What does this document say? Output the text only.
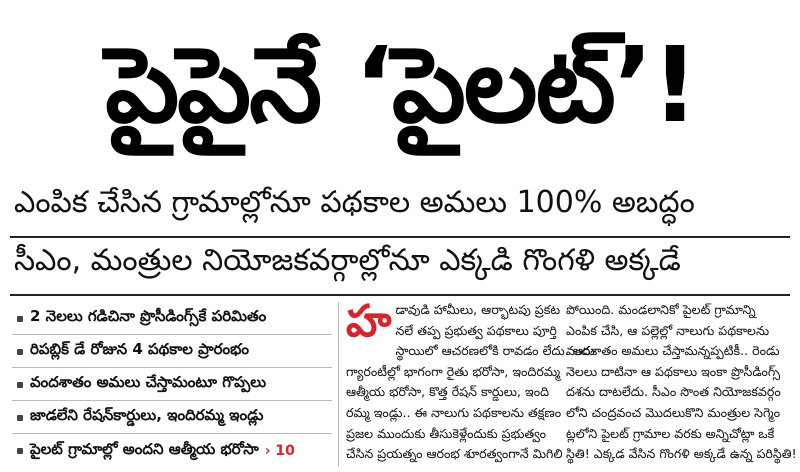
పైపైనే ‘పైలట్‌’!
ఎంపిక చేసిన గ్రామాల్లోనూ పథకాల అమలు 100% అబద్ధం
సీఎం, మంత్రుల నియోజకవర్గాల్లోనూ ఎక్కడి గొంగళి అక్కడే
2 నెలలు గడిచినా ప్రొసీడింగ్స్‌కే పరిమితం
రిపబ్లిక్‌ డే రోజున 4 పథకాల ప్రారంభం
వందశాతం అమలు చేస్తామంటూ గొప్పలు
జాడలేని రేషన్‌కార్డులు, ఇందిరమ్మ ఇండ్లు
పైలట్‌ గ్రామాల్లో అందని ఆత్మీయ భరోసా › 10
హ డావుడి హామీలు, ఆర్భాటపు ప్రకట
నలే తప్ప ప్రభుత్వ పథకాలు పూర్తి
స్థాయిలో ఆచరణలోకి రావడం లేదు. ఆరు
గ్యారంటీల్లో భాగంగా రైతు భరోసా, ఇందిరమ్మ
ఆత్మీయ భరోసా, కొత్త రేషన్‌ కార్డులు, ఇంది
రమ్మ ఇండ్లు.. ఈ నాలుగు పథకాలను తక్షణం
ప్రజల ముందుకు తీసుకెళ్లేందుకు ప్రభుత్వం
చేసిన ప్రయత్నం ఆరంభ శూరత్వంగానే మిగిలి
పోయింది. మండలానికో పైలట్‌ గ్రామాన్ని
ఎంపిక చేసి, ఆ పల్లెల్లో నాలుగు పథకాలను
వందశాతం అమలు చేస్తామన్నప్పటికీ.. రెండు
నెలలు దాటినా ఆ పథకాలు ఇంకా ప్రొసీడింగ్స్‌
దశను దాటలేదు. సీఎం సొంత నియోజకవర్గం
లోని చంద్రవంచ మొదలుకొని మంత్రుల సెగ్మెం
ట్లలోని పైలట్‌ గ్రామాల వరకు అన్నిచోట్లా ఒకే
స్థితి! ఎక్కడ వేసిన గొంగళి అక్కడే ఉన్న పరిస్థితి!
